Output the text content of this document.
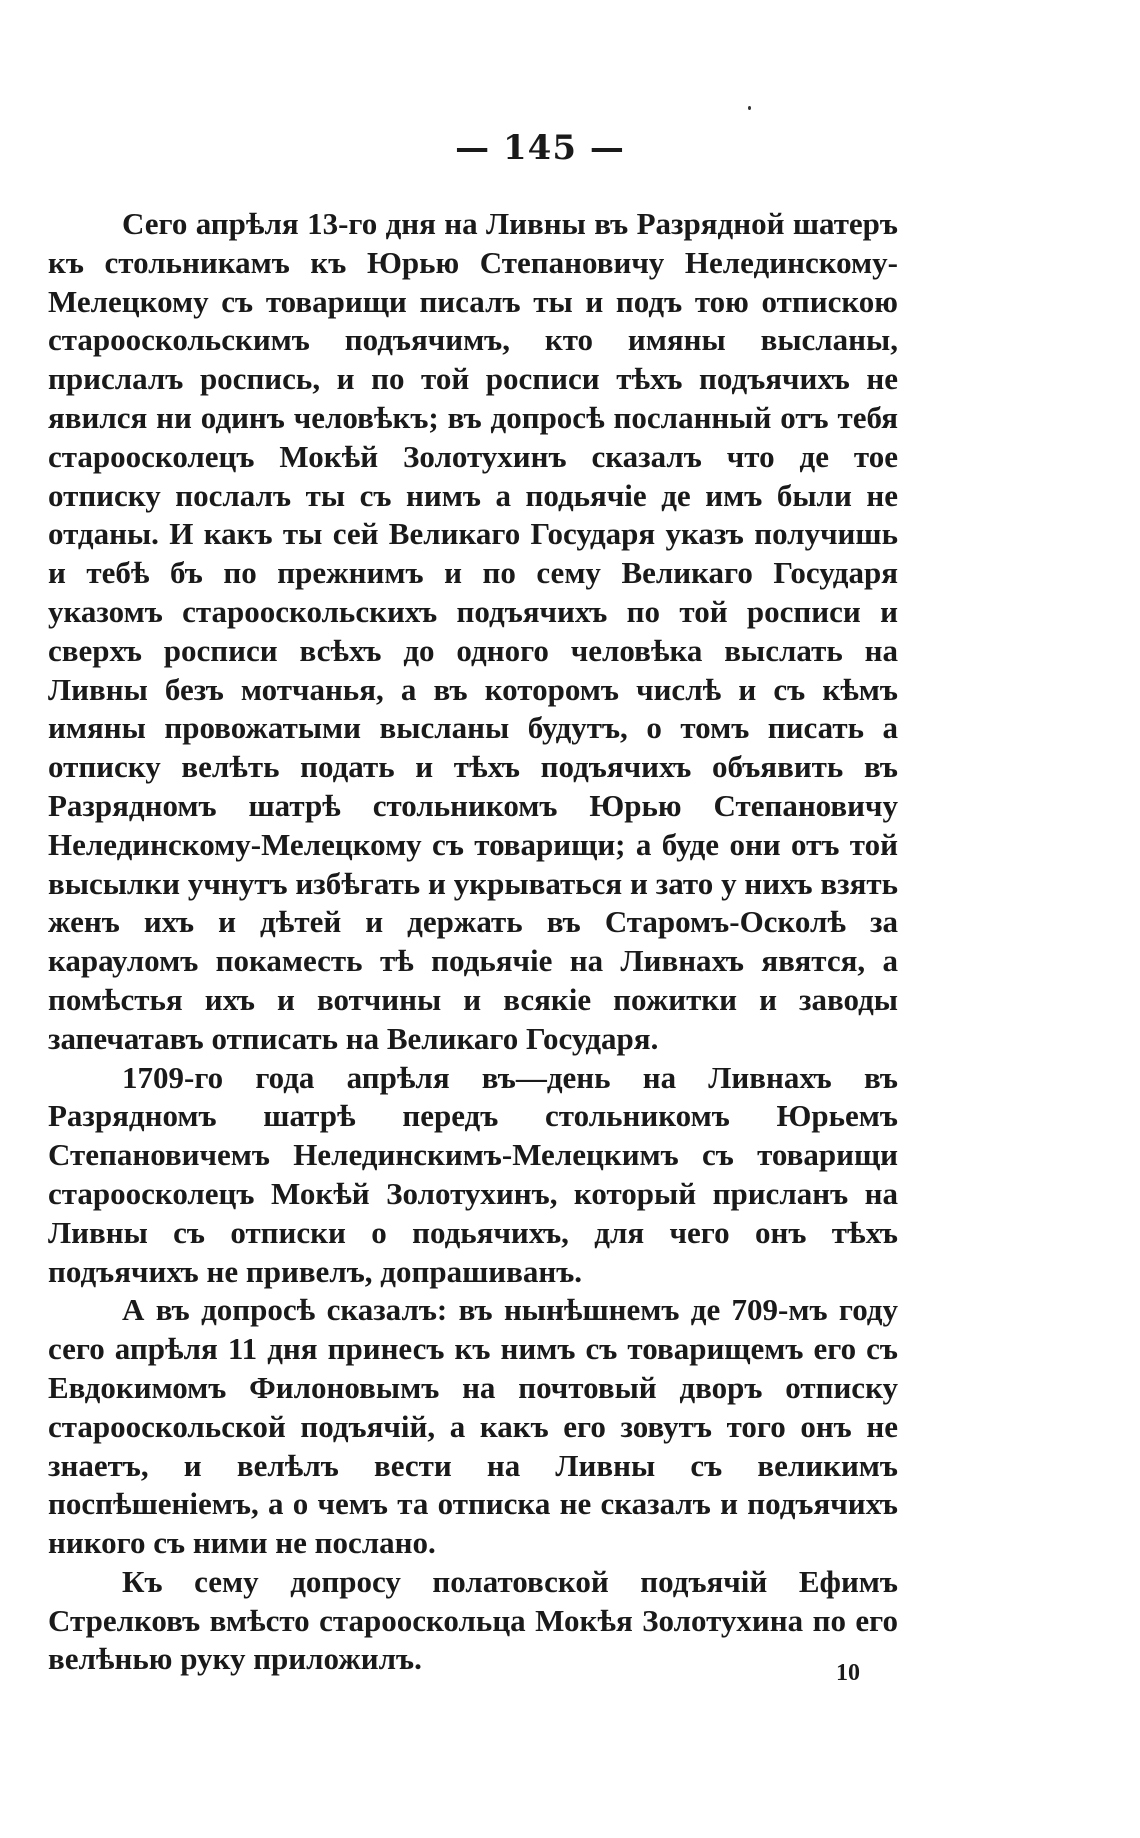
— 145 —

Сего апрѣля 13-го дня на Ливны въ Разрядной шатеръ къ стольникамъ къ Юрью Степановичу Нелединскому-Мелецкому съ товарищи писалъ ты и подъ тою отпискою старооскольскимъ подъячимъ, кто имяны высланы, прислалъ роспись, и по той росписи тѣхъ подъячихъ не явился ни одинъ человѣкъ; въ допросѣ посланный отъ тебя староосколецъ Мокѣй Золотухинъ сказалъ что де тое отписку послалъ ты съ нимъ а подьячіе де имъ были не отданы. И какъ ты сей Великаго Государя указъ получишь и тебѣ бъ по прежнимъ и по сему Великаго Государя указомъ старооскольскихъ подъячихъ по той росписи и сверхъ росписи всѣхъ до одного человѣка выслать на Ливны безъ мотчанья, а въ которомъ числѣ и съ кѣмъ имяны провожатыми высланы будутъ, о томъ писать а отписку велѣть подать и тѣхъ подъячихъ объявить въ Разрядномъ шатрѣ стольникомъ Юрью Степановичу Нелединскому-Мелецкому съ товарищи; а буде они отъ той высылки учнутъ избѣгать и укрываться и зато у нихъ взять женъ ихъ и дѣтей и держать въ Старомъ-Осколѣ за карауломъ покаместь тѣ подьячіе на Ливнахъ явятся, а помѣстья ихъ и вотчины и всякіе пожитки и заводы запечатавъ отписать на Великаго Государя.

1709-го года апрѣля въ—день на Ливнахъ въ Разрядномъ шатрѣ передъ стольникомъ Юрьемъ Степановичемъ Нелединскимъ-Мелецкимъ съ товарищи староосколецъ Мокѣй Золотухинъ, который присланъ на Ливны съ отписки о подьячихъ, для чего онъ тѣхъ подъячихъ не привелъ, допрашиванъ.

А въ допросѣ сказалъ: въ нынѣшнемъ де 709-мъ году сего апрѣля 11 дня принесъ къ нимъ съ товарищемъ его съ Евдокимомъ Филоновымъ на почтовый дворъ отписку старооскольской подъячій, а какъ его зовутъ того онъ не знаетъ, и велѣлъ вести на Ливны съ великимъ поспѣшеніемъ, а о чемъ та отписка не сказалъ и подъячихъ никого съ ними не послано.

Къ сему допросу полатовской подъячій Ефимъ Стрелковъ вмѣсто старооскольца Мокѣя Золотухина по его велѣнью руку приложилъ.	10
